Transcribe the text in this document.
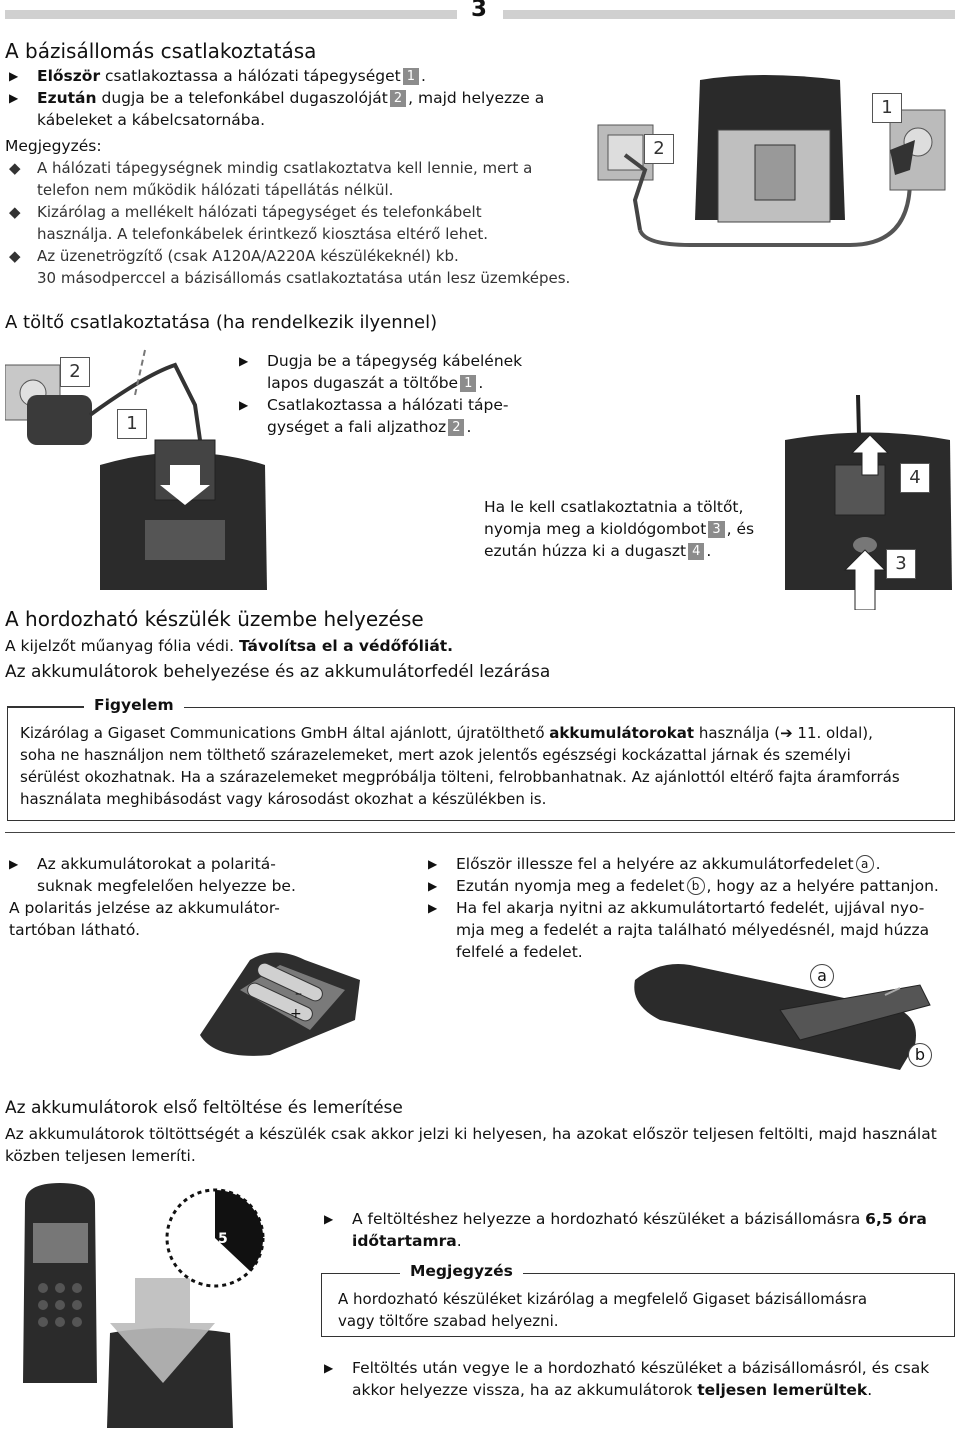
3
A bázisállomás csatlakoztatása
▶ Először csatlakoztassa a hálózati tápegységet 1 .
▶ Ezután dugja be a telefonkábel dugaszolóját 2 , majd helyezze a
kábeleket a kábelcsatornába.
Megjegyzés:
◆ A hálózati tápegységnek mindig csatlakoztatva kell lennie, mert a
telefon nem működik hálózati tápellátás nélkül.
◆ Kizárólag a mellékelt hálózati tápegységet és telefonkábelt
használja. A telefonkábelek érintkező kiosztása eltérő lehet.
◆ Az üzenetrögzítő (csak A120A/A220A készülékeknél) kb.
30 másodperccel a bázisállomás csatlakoztatása után lesz üzemképes.
1
2
A töltő csatlakoztatása (ha rendelkezik ilyennel)
2
1
▶ Dugja be a tápegység kábelének
lapos dugaszát a töltőbe 1 .
▶ Csatlakoztassa a hálózati tápe-
gységet a fali aljzathoz 2 .
Ha le kell csatlakoztatnia a töltőt,
nyomja meg a kioldógombot 3 , és
ezután húzza ki a dugaszt 4 .
4
3
A hordozható készülék üzembe helyezése
A kijelzőt műanyag fólia védi. Távolítsa el a védőfóliát.
Az akkumulátorok behelyezése és az akkumulátorfedél lezárása
Figyelem
Kizárólag a Gigaset Communications GmbH által ajánlott, újratölthető akkumulátorokat használja (➔ 11. oldal),
soha ne használjon nem tölthető szárazelemeket, mert azok jelentős egészségi kockázattal járnak és személyi
sérülést okozhatnak. Ha a szárazelemeket megpróbálja tölteni, felrobbanhatnak. Az ajánlottól eltérő fajta áramforrás
használata meghibásodást vagy károsodást okozhat a készülékben is.
▶ Az akkumulátorokat a polaritá-
suknak megfelelően helyezze be.
A polaritás jelzése az akkumulátor-
tartóban látható.
+
–
▶ Először illessze fel a helyére az akkumulátorfedelet a .
▶ Ezután nyomja meg a fedelet b , hogy az a helyére pattanjon.
▶ Ha fel akarja nyitni az akkumulátortartó fedelét, ujjával nyo-
mja meg a fedelét a rajta található mélyedésnél, majd húzza
felfelé a fedelet.
a
b
Az akkumulátorok első feltöltése és lemerítése
Az akkumulátorok töltöttségét a készülék csak akkor jelzi ki helyesen, ha azokat először teljesen feltölti, majd használat
közben teljesen lemeríti.
6.5
óra
▶ A feltöltéshez helyezze a hordozható készüléket a bázisállomásra 6,5 óra
időtartamra.
Megjegyzés
A hordozható készüléket kizárólag a megfelelő Gigaset bázisállomásra
vagy töltőre szabad helyezni.
▶ Feltöltés után vegye le a hordozható készüléket a bázisállomásról, és csak
akkor helyezze vissza, ha az akkumulátorok teljesen lemerültek.
